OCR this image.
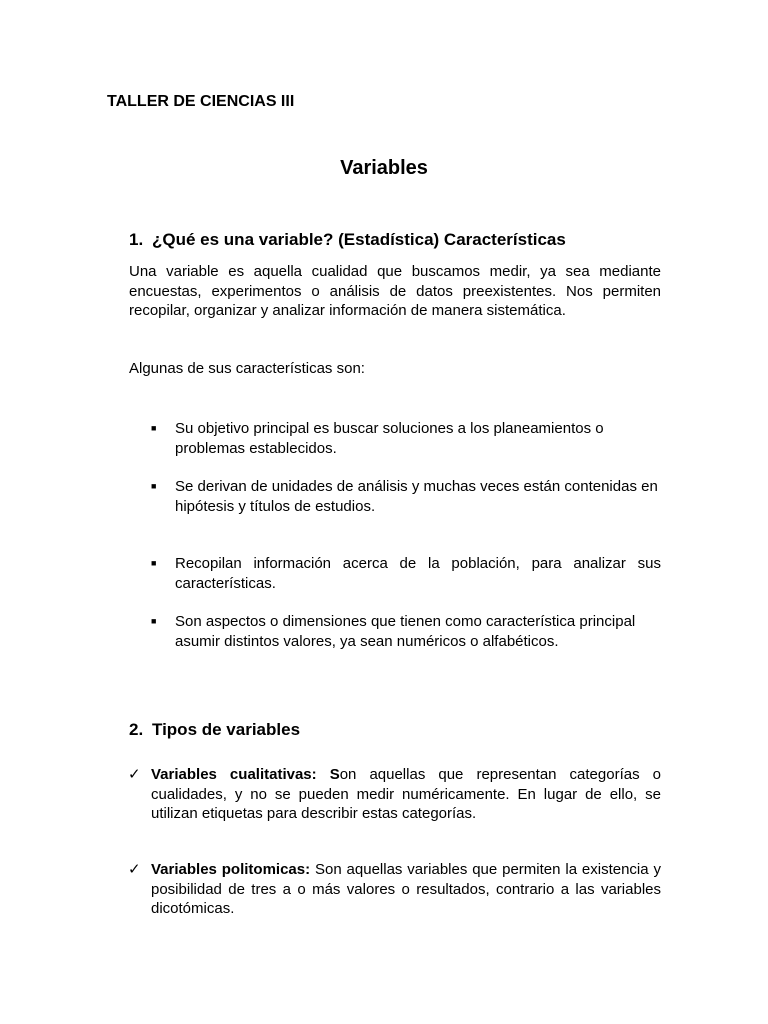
TALLER DE CIENCIAS III
Variables
1. ¿Qué es una variable? (Estadística) Características

Una variable es aquella cualidad que buscamos medir, ya sea mediante encuestas, experimentos o análisis de datos preexistentes. Nos permiten recopilar, organizar y analizar información de manera sistemática.

Algunas de sus características son:

■	Su objetivo principal es buscar soluciones a los planeamientos o problemas establecidos.
■	Se derivan de unidades de análisis y muchas veces están contenidas en hipótesis y títulos de estudios.
■	Recopilan información acerca de la población, para analizar sus características.
■	Son aspectos o dimensiones que tienen como característica principal asumir distintos valores, ya sean numéricos o alfabéticos.
2. Tipos de variables
✓ Variables cualitativas: Son aquellas que representan categorías o cualidades, y no se pueden medir numéricamente. En lugar de ello, se utilizan etiquetas para describir estas categorías.
✓ Variables politomicas: Son aquellas variables que permiten la existencia y posibilidad de tres a o más valores o resultados, contrario a las variables dicotómicas.
